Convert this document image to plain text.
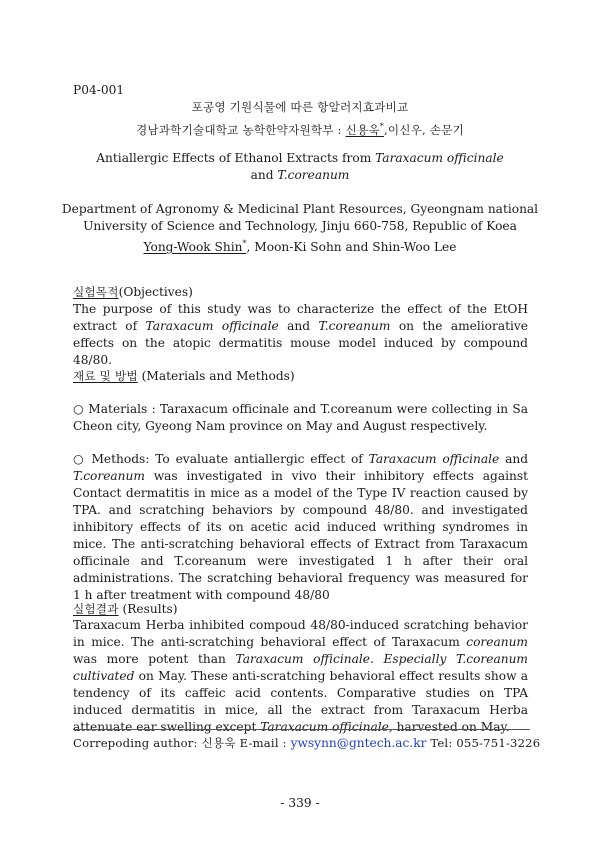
P04-001
포공영 기원식물에 따른 항알러지효과비교
경남과학기술대학교 농학한약자원학부 : 신용욱*,이신우, 손문기
Antiallergic Effects of Ethanol Extracts from Taraxacum officinale
and T.coreanum
Department of Agronomy & Medicinal Plant Resources, Gyeongnam national
University of Science and Technology, Jinju 660-758, Republic of Koea
Yong-Wook Shin*, Moon-Ki Sohn and Shin-Woo Lee
실험목적(Objectives)
The purpose of this study was to characterize the effect of the EtOH extract of Taraxacum officinale and T.coreanum on the ameliorative effects on the atopic dermatitis mouse model induced by compound 48/80.
재료 및 방법 (Materials and Methods)
○ Materials : Taraxacum officinale and T.coreanum were collecting in Sa Cheon city, Gyeong Nam province on May and August respectively.
○ Methods: To evaluate antiallergic effect of Taraxacum officinale and T.coreanum was investigated in vivo their inhibitory effects against Contact dermatitis in mice as a model of the Type IV reaction caused by TPA. and scratching behaviors by compound 48/80. and investigated inhibitory effects of its on acetic acid induced writhing syndromes in mice. The anti-scratching behavioral effects of Extract from Taraxacum officinale and T.coreanum were investigated 1 h after their oral administrations. The scratching behavioral frequency was measured for 1 h after treatment with compound 48/80
실험결과 (Results)
Taraxacum Herba inhibited compoud 48/80-induced scratching behavior in mice. The anti-scratching behavioral effect of Taraxacum coreanum was more potent than Taraxacum officinale. Especially T.coreanum cultivated on May. These anti-scratching behavioral effect results show a tendency of its caffeic acid contents. Comparative studies on TPA induced dermatitis in mice, all the extract from Taraxacum Herba attenuate ear swelling except Taraxacum officinale, harvested on May.
Correpoding author: 신용욱 E-mail : ywsynn@gntech.ac.kr Tel: 055-751-3226
- 339 -
